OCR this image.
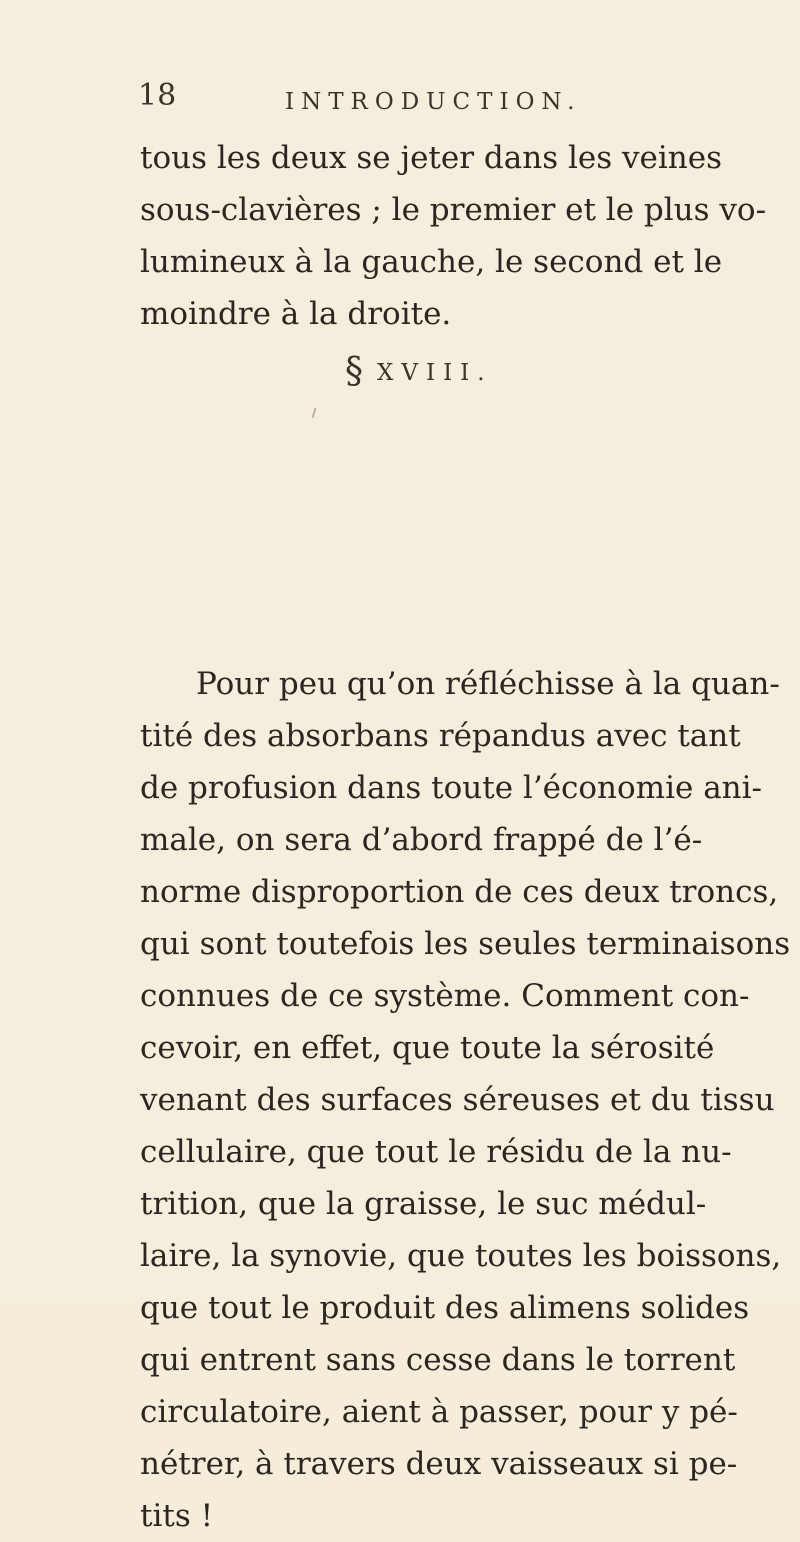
18	INTRODUCTION.
tous les deux se jeter dans les veines
sous-clavières ; le premier et le plus vo-
lumineux à la gauche, le second et le
moindre à la droite.
§ XVIII.
Pour peu qu’on réfléchisse à la quan-
tité des absorbans répandus avec tant
de profusion dans toute l’économie ani-
male, on sera d’abord frappé de l’é-
norme disproportion de ces deux troncs,
qui sont toutefois les seules terminaisons
connues de ce système. Comment con-
cevoir, en effet, que toute la sérosité
venant des surfaces séreuses et du tissu
cellulaire, que tout le résidu de la nu-
trition, que la graisse, le suc médul-
laire, la synovie, que toutes les boissons,
que tout le produit des alimens solides
qui entrent sans cesse dans le torrent
circulatoire, aient à passer, pour y pé-
nétrer, à travers deux vaisseaux si pe-
tits !
